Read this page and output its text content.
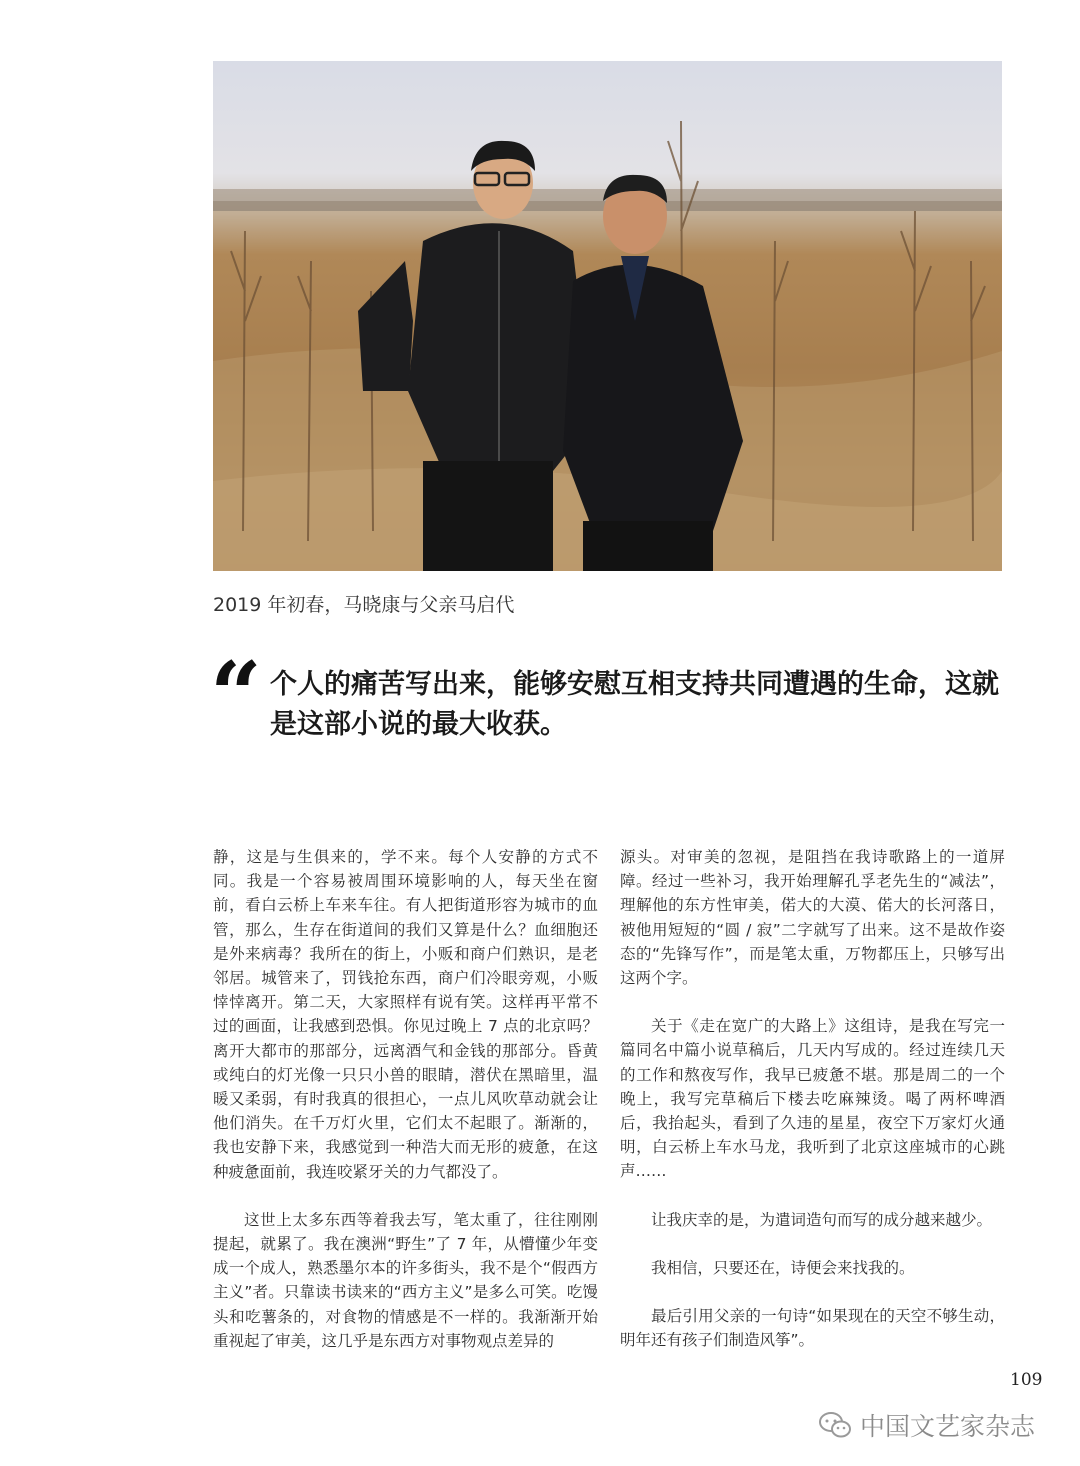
2019 年初春，马晓康与父亲马启代
“ 个人的痛苦写出来，能够安慰互相支持共同遭遇的生命，这就是这部小说的最大收获。

静，这是与生俱来的，学不来。每个人安静的方式不同。我是一个容易被周围环境影响的人，每天坐在窗前，看白云桥上车来车往。有人把街道形容为城市的血管，那么，生存在街道间的我们又算是什么？血细胞还是外来病毒？我所在的街上，小贩和商户们熟识，是老邻居。城管来了，罚钱抢东西，商户们冷眼旁观，小贩悻悻离开。第二天，大家照样有说有笑。这样再平常不过的画面，让我感到恐惧。你见过晚上 7 点的北京吗？离开大都市的那部分，远离酒气和金钱的那部分。昏黄或纯白的灯光像一只只小兽的眼睛，潜伏在黑暗里，温暖又柔弱，有时我真的很担心，一点儿风吹草动就会让他们消失。在千万灯火里，它们太不起眼了。渐渐的，我也安静下来，我感觉到一种浩大而无形的疲惫，在这种疲惫面前，我连咬紧牙关的力气都没了。

这世上太多东西等着我去写，笔太重了，往往刚刚提起，就累了。我在澳洲“野生”了 7 年，从懵懂少年变成一个成人，熟悉墨尔本的许多街头，我不是个“假西方主义”者。只靠读书读来的“西方主义”是多么可笑。吃馒头和吃薯条的，对食物的情感是不一样的。我渐渐开始重视起了审美，这几乎是东西方对事物观点差异的

源头。对审美的忽视，是阻挡在我诗歌路上的一道屏障。经过一些补习，我开始理解孔孚老先生的“减法”，理解他的东方性审美，偌大的大漠、偌大的长河落日，被他用短短的“圆 / 寂”二字就写了出来。这不是故作姿态的“先锋写作”，而是笔太重，万物都压上，只够写出这两个字。

关于《走在宽广的大路上》这组诗，是我在写完一篇同名中篇小说草稿后，几天内写成的。经过连续几天的工作和熬夜写作，我早已疲惫不堪。那是周二的一个晚上，我写完草稿后下楼去吃麻辣烫。喝了两杯啤酒后，我抬起头，看到了久违的星星，夜空下万家灯火通明，白云桥上车水马龙，我听到了北京这座城市的心跳声……

让我庆幸的是，为遣词造句而写的成分越来越少。

我相信，只要还在，诗便会来找我的。

最后引用父亲的一句诗“如果现在的天空不够生动，明年还有孩子们制造风筝”。

109
中国文艺家杂志
